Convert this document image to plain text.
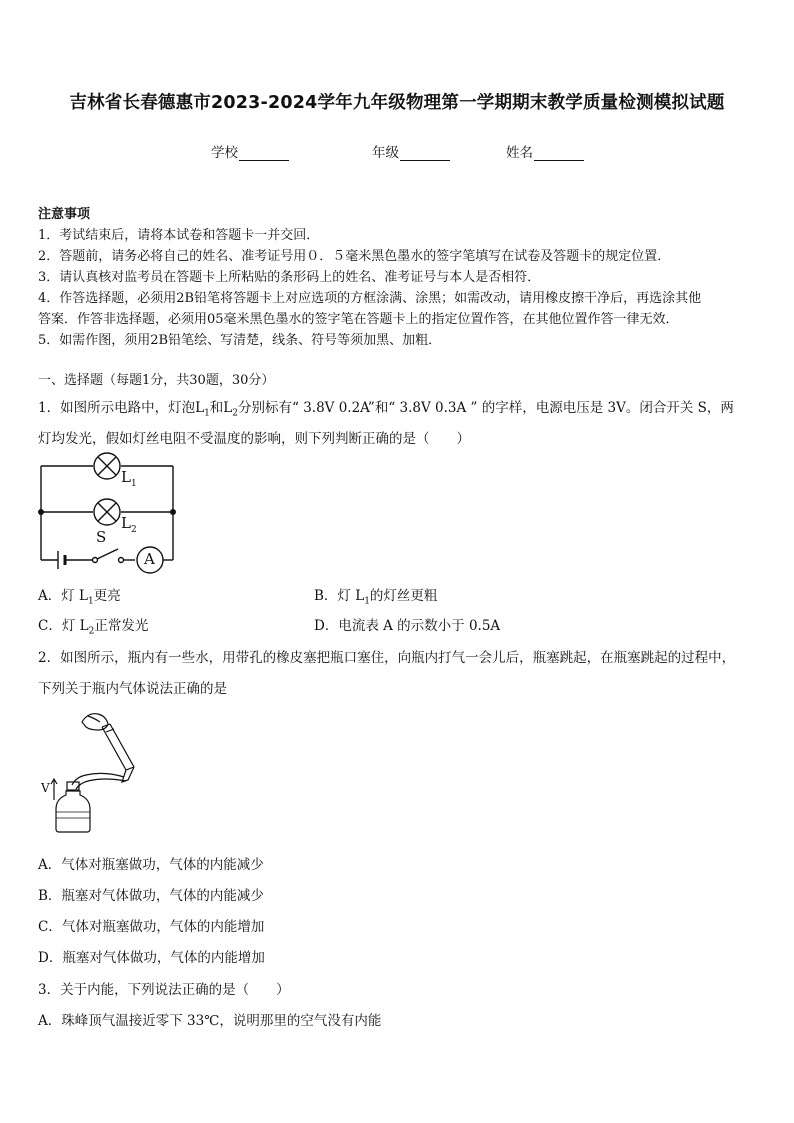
吉林省长春德惠市2023-2024学年九年级物理第一学期期末教学质量检测模拟试题
学校	年级	姓名
注意事项
1．考试结束后，请将本试卷和答题卡一并交回．
2．答题前，请务必将自己的姓名、准考证号用０．５毫米黑色墨水的签字笔填写在试卷及答题卡的规定位置．
3．请认真核对监考员在答题卡上所粘贴的条形码上的姓名、准考证号与本人是否相符．
4．作答选择题，必须用2B铅笔将答题卡上对应选项的方框涂满、涂黑；如需改动，请用橡皮擦干净后，再选涂其他
答案．作答非选择题，必须用05毫米黑色墨水的签字笔在答题卡上的指定位置作答，在其他位置作答一律无效．
5．如需作图，须用2B铅笔绘、写清楚，线条、符号等须加黑、加粗．
一、选择题（每题1分，共30题，30分）
1．如图所示电路中，灯泡$L_1$和$L_2$分别标有“ 3.8V 0.2A”和“ 3.8V 0.3A ” 的字样，电源电压是 3V。闭合开关 S，两
灯均发光，假如灯丝电阻不受温度的影响，则下列判断正确的是（　　）
$L_1$
$L_2$
S
A
A．灯 $L_1$更亮	B．灯 $L_1$的灯丝更粗
C．灯 $L_2$正常发光	D．电流表 A 的示数小于 0.5A
2．如图所示，瓶内有一些水，用带孔的橡皮塞把瓶口塞住，向瓶内打气一会儿后，瓶塞跳起，在瓶塞跳起的过程中，
下列关于瓶内气体说法正确的是
V
A．气体对瓶塞做功，气体的内能减少
B．瓶塞对气体做功，气体的内能减少
C．气体对瓶塞做功，气体的内能增加
D．瓶塞对气体做功，气体的内能增加
3．关于内能，下列说法正确的是（　　）
A．珠峰顶气温接近零下 33℃，说明那里的空气没有内能
